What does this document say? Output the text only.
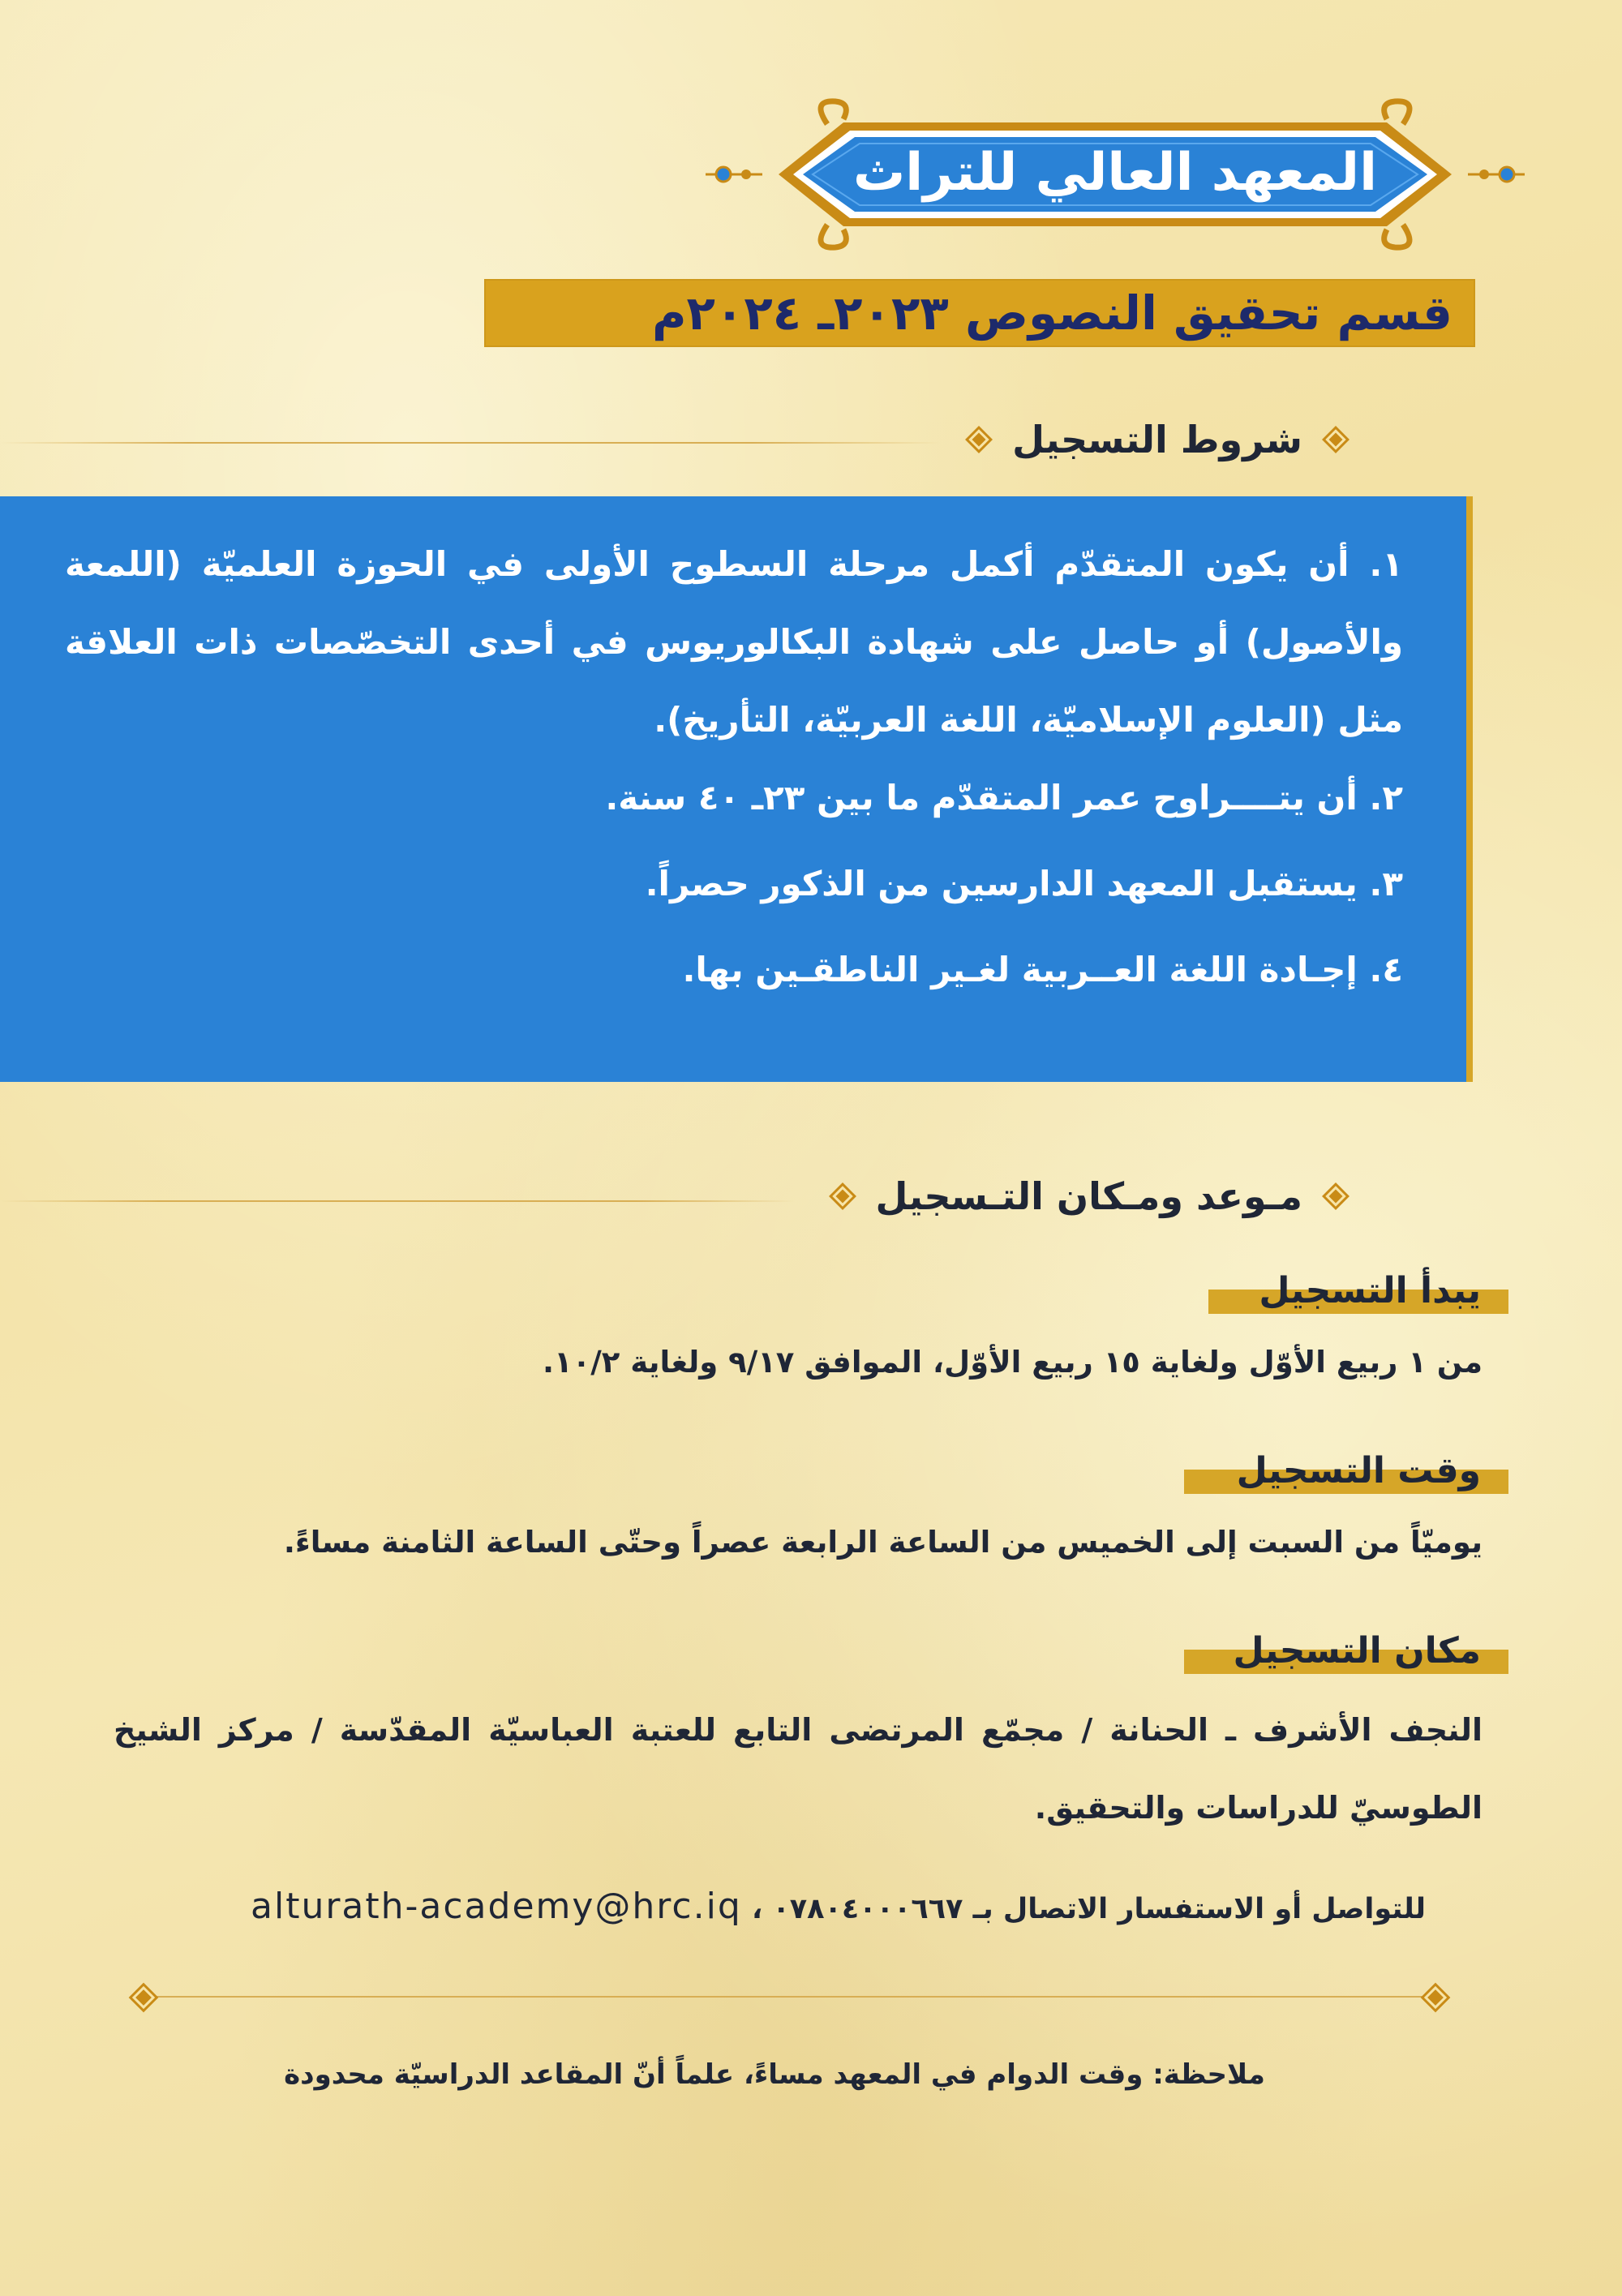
المعهد العالي للتراث
قسم تحقيق النصوص ٢٠٢٣ـ ٢٠٢٤م
شروط التسجيل
١. أن يكون المتقدّم أكمل مرحلة السطوح الأولى في الحوزة العلميّة (اللمعة والأصول) أو حاصل على شهادة البكالوريوس في أحدى التخصّصات ذات العلاقة مثل (العلوم الإسلاميّة، اللغة العربيّة، التأريخ).
٢. أن يتــــراوح عمر المتقدّم ما بين ٢٣ـ ٤٠ سنة.
٣. يستقبل المعهد الدارسين من الذكور حصراً.
٤. إجـادة اللغة العــربية لغـير الناطقـين بها.
مـوعد ومـكان التـسجيل
يبدأ التسجيل
من ١ ربيع الأوّل ولغاية ١٥ ربيع الأوّل، الموافق ٩/١٧ ولغاية ١٠/٢.
وقت التسجيل
يوميّاً من السبت إلى الخميس من الساعة الرابعة عصراً وحتّى الساعة الثامنة مساءً.
مكان التسجيل
النجف الأشرف ـ الحنانة / مجمّع المرتضى التابع للعتبة العباسيّة المقدّسة / مركز الشيخ الطوسيّ للدراسات والتحقيق.
للتواصل أو الاستفسار الاتصال بـ ٠٧٨٠٤٠٠٠٦٦٧ ، alturath-academy@hrc.iq
ملاحظة: وقت الدوام في المعهد مساءً، علماً أنّ المقاعد الدراسيّة محدودة
